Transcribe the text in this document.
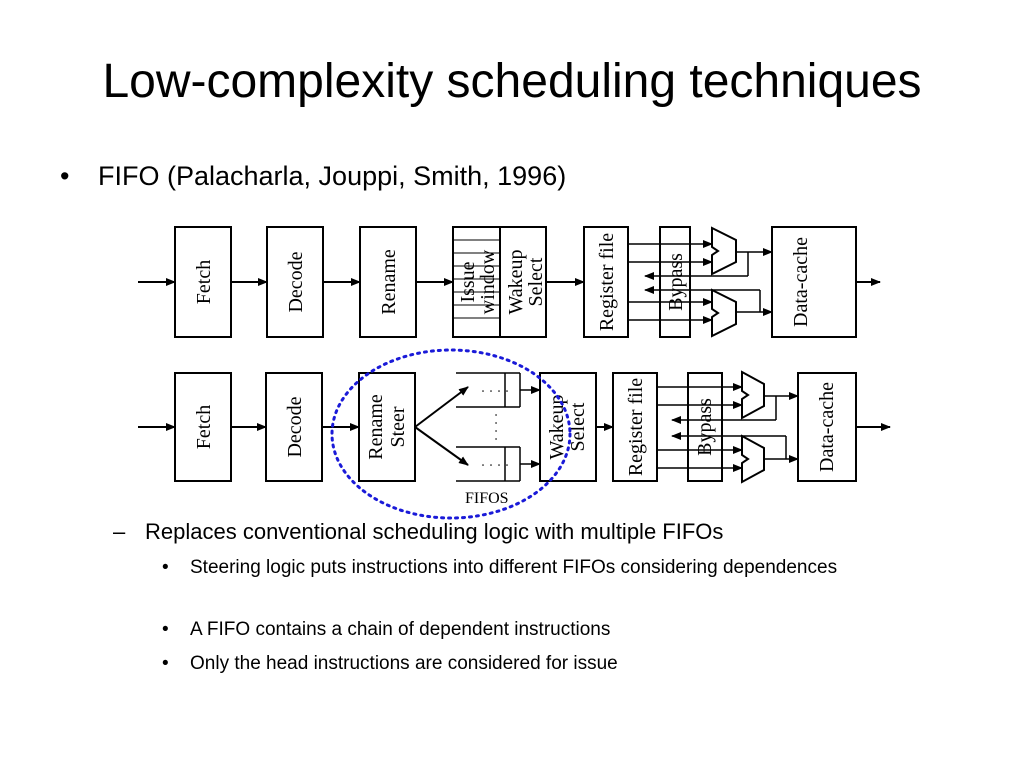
Low-complexity scheduling techniques
• FIFO (Palacharla, Jouppi, Smith, 1996)
Fetch	Decode	Rename	Issue
window Wakeup
Select Register file Bypass	Data-cache
. . . .
. . . .
. . . .
Fetch	Decode	Rename Steer	Wakeup Select Register file Bypass	Data-cache
FIFOS
– Replaces conventional scheduling logic with multiple FIFOs
•	Steering logic puts instructions into different FIFOs considering dependences
•	A FIFO contains a chain of dependent instructions
•	Only the head instructions are considered for issue
